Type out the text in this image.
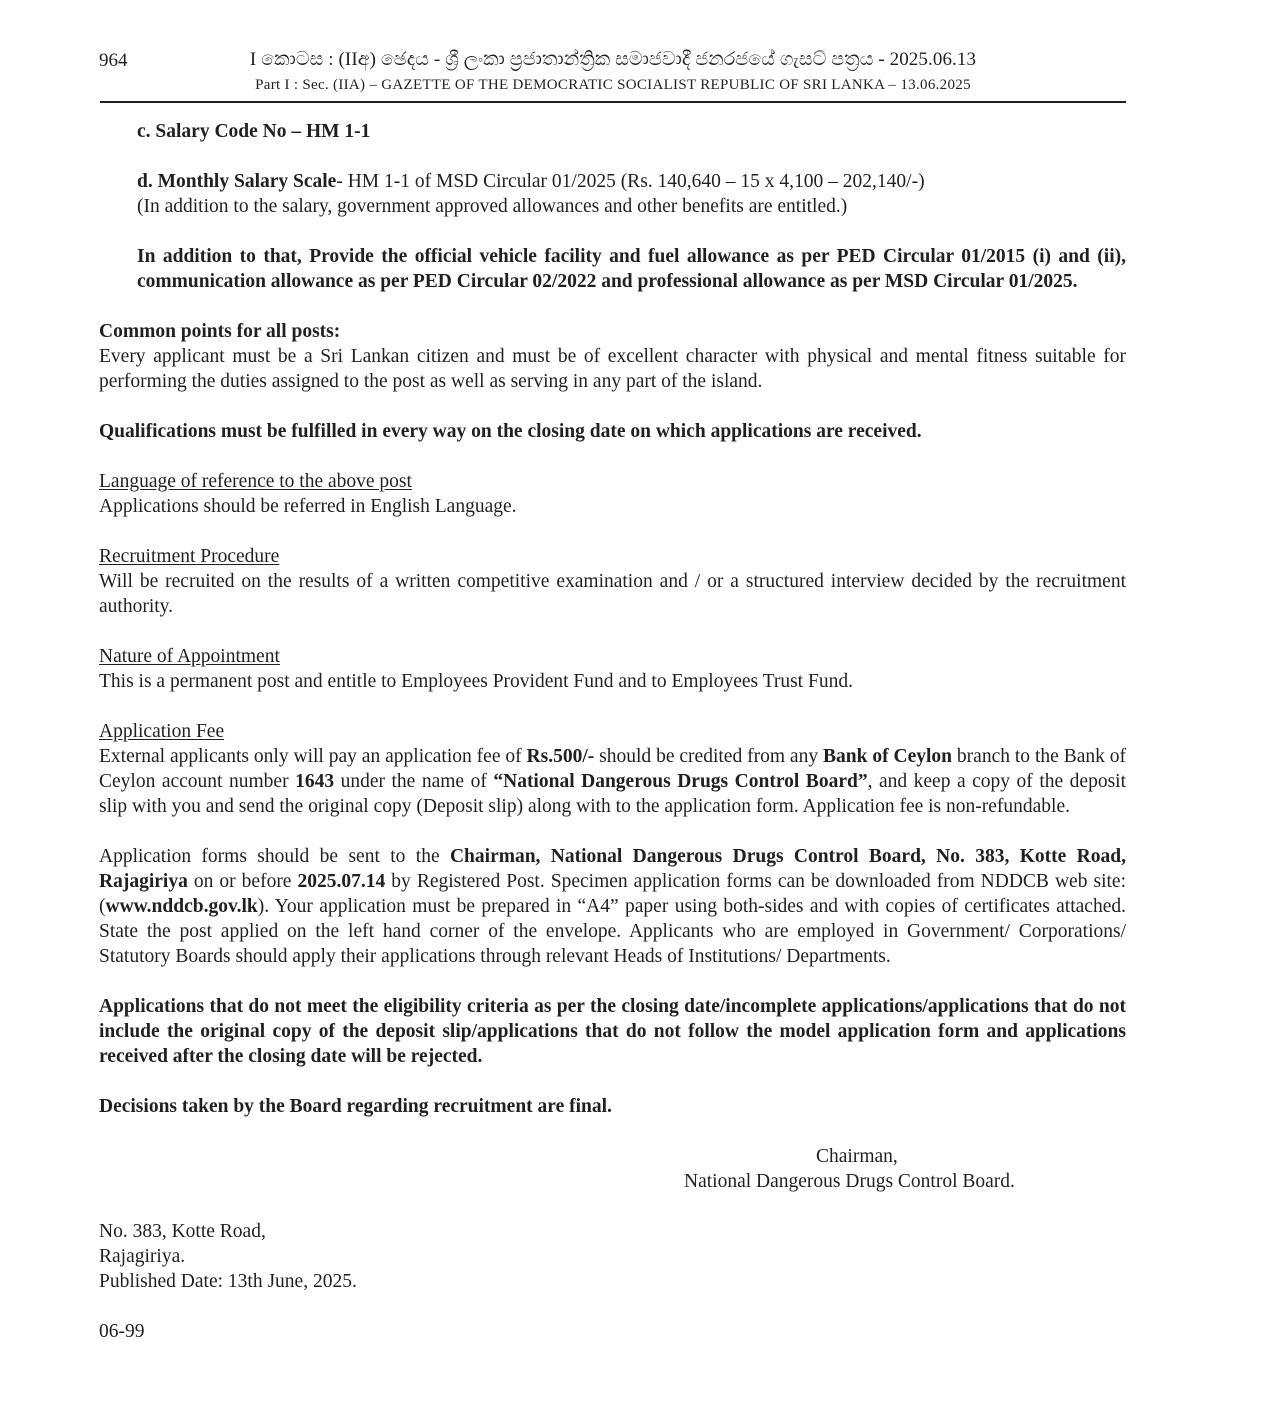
964	I කොටස : (IIඅ) ඡෙදය - ශ්‍රී ලංකා ප්‍රජාතාන්ත්‍රික සමාජවාදී ජනරජයේ ගැසට් පත්‍රය - 2025.06.13
Part I : Sec. (IIA) – GAZETTE OF THE DEMOCRATIC SOCIALIST REPUBLIC OF SRI LANKA – 13.06.2025

c. Salary Code No – HM 1-1

d. Monthly Salary Scale- HM 1-1 of MSD Circular 01/2025 (Rs. 140,640 – 15 x 4,100 – 202,140/-)

(In addition to the salary, government approved allowances and other benefits are entitled.)

In addition to that, Provide the official vehicle facility and fuel allowance as per PED Circular 01/2015 (i) and (ii), communication allowance as per PED Circular 02/2022 and professional allowance as per MSD Circular 01/2025.

Common points for all posts:

Every applicant must be a Sri Lankan citizen and must be of excellent character with physical and mental fitness suitable for performing the duties assigned to the post as well as serving in any part of the island.

Qualifications must be fulfilled in every way on the closing date on which applications are received.

Language of reference to the above post

Applications should be referred in English Language.

Recruitment Procedure

Will be recruited on the results of a written competitive examination and / or a structured interview decided by the recruitment authority.

Nature of Appointment

This is a permanent post and entitle to Employees Provident Fund and to Employees Trust Fund.

Application Fee

External applicants only will pay an application fee of Rs.500/- should be credited from any Bank of Ceylon branch to the Bank of Ceylon account number 1643 under the name of “National Dangerous Drugs Control Board”, and keep a copy of the deposit slip with you and send the original copy (Deposit slip) along with to the application form. Application fee is non-refundable.

Application forms should be sent to the Chairman, National Dangerous Drugs Control Board, No. 383, Kotte Road, Rajagiriya on or before 2025.07.14 by Registered Post. Specimen application forms can be downloaded from NDDCB web site: (www.nddcb.gov.lk). Your application must be prepared in “A4” paper using both-sides and with copies of certificates attached. State the post applied on the left hand corner of the envelope. Applicants who are employed in Government/ Corporations/ Statutory Boards should apply their applications through relevant Heads of Institutions/ Departments.

Applications that do not meet the eligibility criteria as per the closing date/incomplete applications/applications that do not include the original copy of the deposit slip/applications that do not follow the model application form and applications received after the closing date will be rejected.

Decisions taken by the Board regarding recruitment are final.

Chairman,
National Dangerous Drugs Control Board.

No. 383, Kotte Road,

Rajagiriya.

Published Date: 13th June, 2025.

06-99
